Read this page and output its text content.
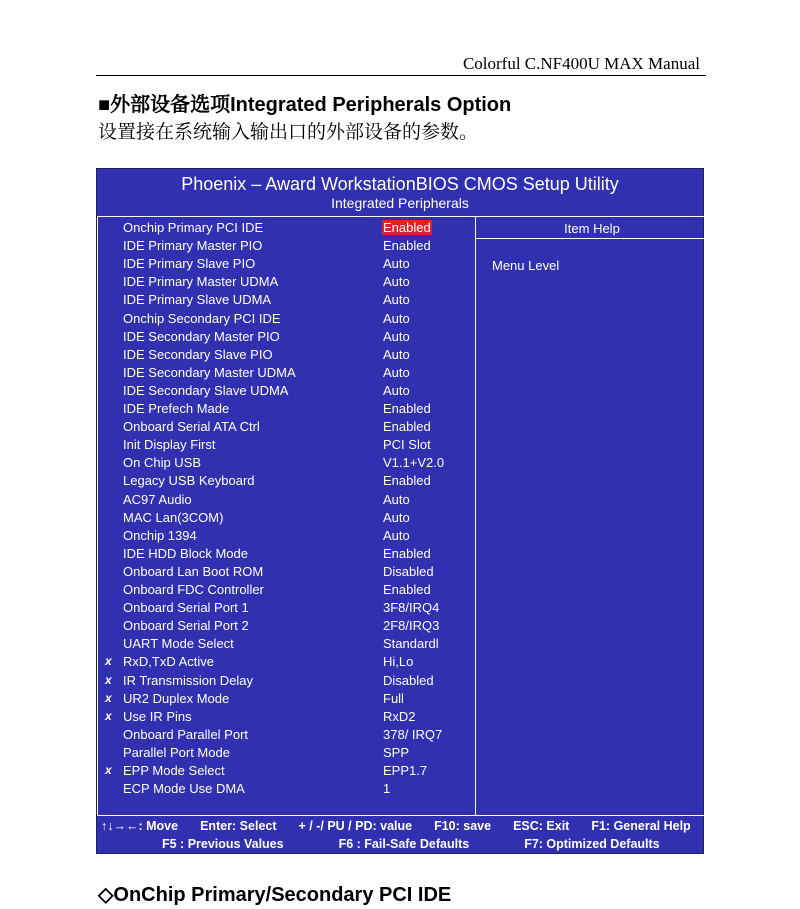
Colorful C.NF400U MAX Manual
■外部设备选项Integrated Peripherals Option
设置接在系统输入输出口的外部设备的参数。
Phoenix – Award WorkstationBIOS CMOS Setup Utility
Integrated Peripherals
Item Help
Menu Level
Onchip Primary PCI IDE	Enabled
IDE Primary Master PIO	Enabled
IDE Primary Slave PIO	Auto
IDE Primary Master UDMA	Auto
IDE Primary Slave UDMA	Auto
Onchip Secondary PCI IDE	Auto
IDE Secondary Master PIO	Auto
IDE Secondary Slave PIO	Auto
IDE Secondary Master UDMA	Auto
IDE Secondary Slave UDMA	Auto
IDE Prefech Made	Enabled
Onboard Serial ATA Ctrl	Enabled
Init Display First	PCI Slot
On Chip USB	V1.1+V2.0
Legacy USB Keyboard	Enabled
AC97 Audio	Auto
MAC Lan(3COM)	Auto
Onchip 1394	Auto
IDE HDD Block Mode	Enabled
Onboard Lan Boot ROM	Disabled
Onboard FDC Controller	Enabled
Onboard Serial Port 1	3F8/IRQ4
Onboard Serial Port 2	2F8/IRQ3
UART Mode Select	Standardl
x RxD,TxD Active	Hi,Lo
x IR Transmission Delay	Disabled
x UR2 Duplex Mode	Full
x Use IR Pins	RxD2
Onboard Parallel Port	378/ IRQ7
Parallel Port Mode	SPP
x EPP Mode Select	EPP1.7
ECP Mode Use DMA	1
↑↓→←: Move Enter: Select + / -/ PU / PD: value F10: save ESC: Exit F1: General Help
F5 : Previous Values	F6 : Fail-Safe Defaults	F7: Optimized Defaults
◇OnChip Primary/Secondary PCI IDE
